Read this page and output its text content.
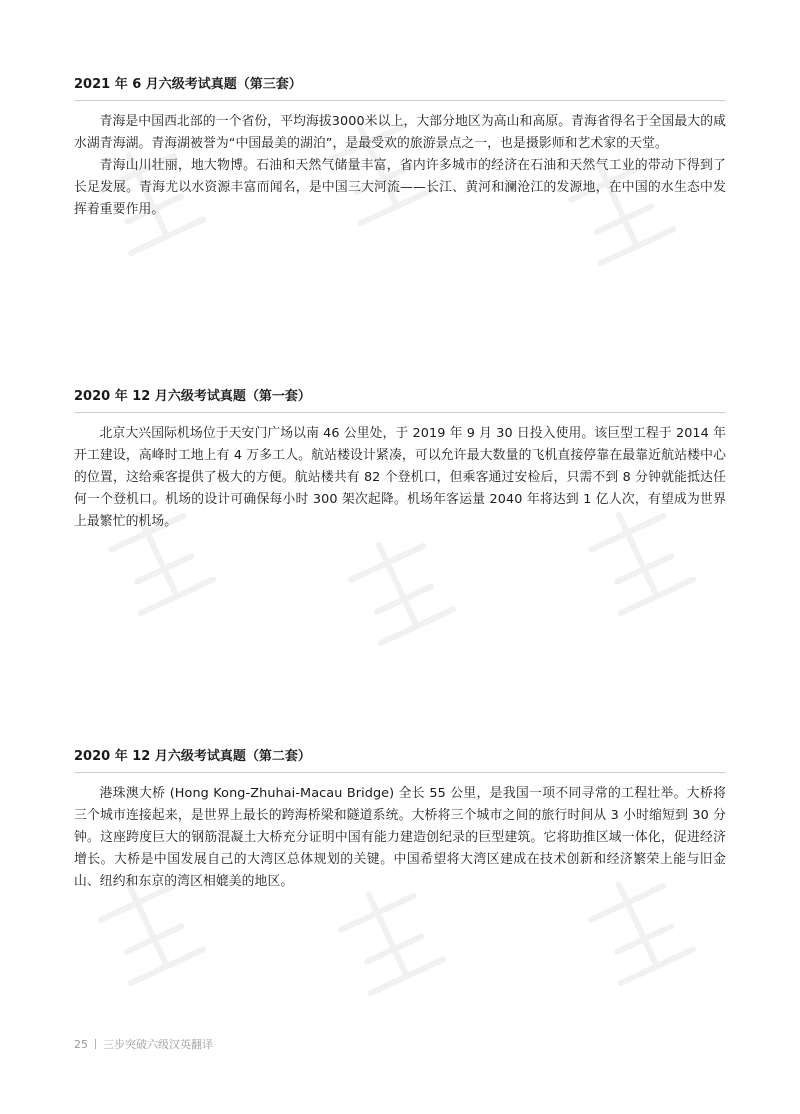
2021 年 6 月六级考试真题（第三套）

青海是中国西北部的一个省份，平均海拔3000米以上，大部分地区为高山和高原。青海省得名于全国最大的咸水湖青海湖。青海湖被誉为“中国最美的湖泊”，是最受欢的旅游景点之一，也是摄影师和艺术家的天堂。

青海山川壮丽，地大物博。石油和天然气储量丰富，省内许多城市的经济在石油和天然气工业的带动下得到了长足发展。青海尤以水资源丰富而闻名，是中国三大河流——长江、黄河和澜沧江的发源地，在中国的水生态中发挥着重要作用。

2020 年 12 月六级考试真题（第一套）

北京大兴国际机场位于天安门广场以南 46 公里处，于 2019 年 9 月 30 日投入使用。该巨型工程于 2014 年开工建设，高峰时工地上有 4 万多工人。航站楼设计紧凑，可以允许最大数量的飞机直接停靠在最靠近航站楼中心的位置，这给乘客提供了极大的方便。航站楼共有 82 个登机口，但乘客通过安检后，只需不到 8 分钟就能抵达任何一个登机口。机场的设计可确保每小时 300 架次起降。机场年客运量 2040 年将达到 1 亿人次，有望成为世界上最繁忙的机场。

2020 年 12 月六级考试真题（第二套）

港珠澳大桥 (Hong Kong-Zhuhai-Macau Bridge) 全长 55 公里，是我国一项不同寻常的工程壮举。大桥将三个城市连接起来，是世界上最长的跨海桥梁和隧道系统。大桥将三个城市之间的旅行时间从 3 小时缩短到 30 分钟。这座跨度巨大的钢筋混凝土大桥充分证明中国有能力建造创纪录的巨型建筑。它将助推区域一体化，促进经济增长。大桥是中国发展自己的大湾区总体规划的关键。中国希望将大湾区建成在技术创新和经济繁荣上能与旧金山、纽约和东京的湾区相媲美的地区。

25 三步突破六级汉英翻译
